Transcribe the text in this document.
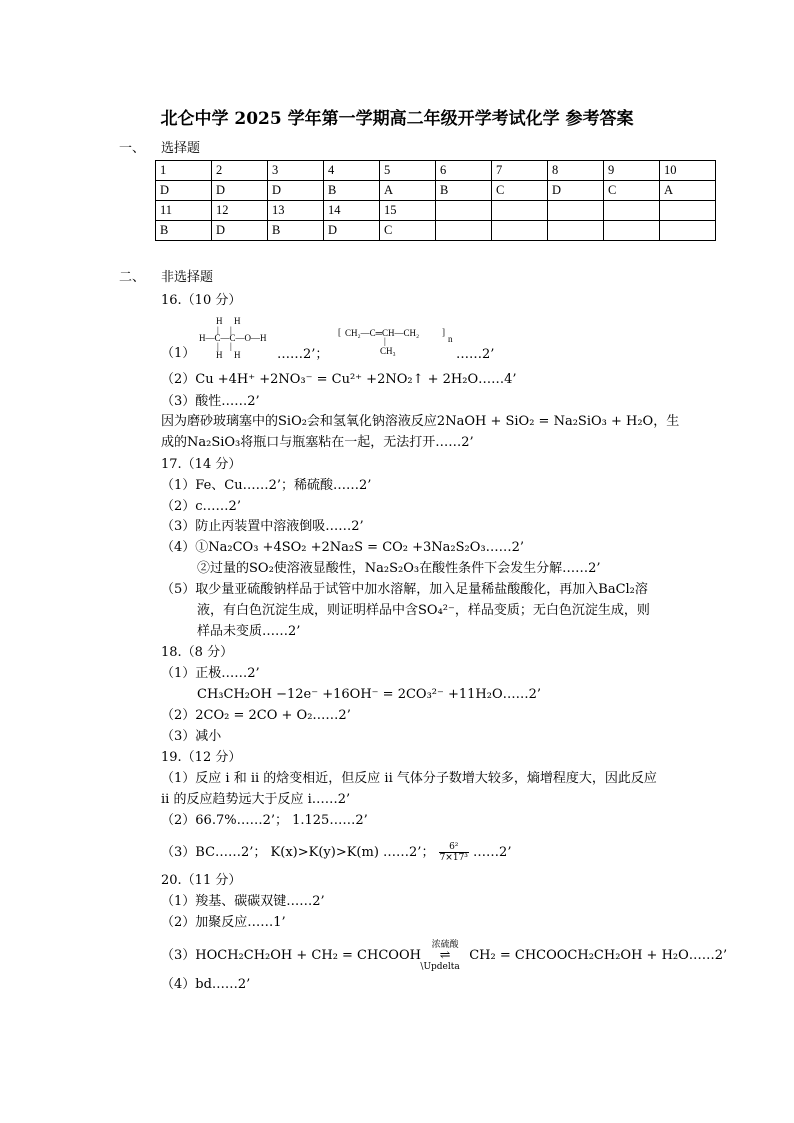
北仑中学 2025 学年第一学期高二年级开学考试化学 参考答案
一、 选择题
1	2	3	4	5	6	7	8	9	10
D	D	D	B	A	B	C	D	C	A
11	12	13	14	15					
B	D	B	D	C					
二、 非选择题
16.（10 分）
（1）
H H
|     |
H—C—C—O—H
|     |
H H	……2’；
[ CH₂—C═CH—CH₂	]
n
|
CH₃	……2’
（2）Cu +4H⁺ +2NO₃⁻ = Cu²⁺ +2NO₂↑ + 2H₂O……4’
（3）酸性……2’
因为磨砂玻璃塞中的SiO₂会和氢氧化钠溶液反应2NaOH + SiO₂ = Na₂SiO₃ + H₂O，生
成的Na₂SiO₃将瓶口与瓶塞粘在一起，无法打开……2’
17.（14 分）
（1）Fe、Cu……2’；稀硫酸……2’
（2）c……2’
（3）防止丙装置中溶液倒吸……2’
（4）①Na₂CO₃ +4SO₂ +2Na₂S = CO₂ +3Na₂S₂O₃……2’
②过量的SO₂使溶液显酸性，Na₂S₂O₃在酸性条件下会发生分解……2’
（5）取少量亚硫酸钠样品于试管中加水溶解，加入足量稀盐酸酸化，再加入BaCl₂溶
液，有白色沉淀生成，则证明样品中含SO₄²⁻，样品变质；无白色沉淀生成，则
样品未变质……2’
18.（8 分）
（1）正极……2’
CH₃CH₂OH −12e⁻ +16OH⁻ = 2CO₃²⁻ +11H₂O……2’
（2）2CO₂ = 2CO + O₂……2’
（3）减小
19.（12 分）
（1）反应 i 和 ii 的焓变相近，但反应 ii 气体分子数增大较多，熵增程度大，因此反应
ii 的反应趋势远大于反应 i……2’
（2）66.7%……2’； 1.125……2’
（3）BC……2’； K(x)>K(y)>K(m) ……2’； $\frac{\text{6²}}{\text{7×17³}}$ ……2’
20.（11 分）
（1）羧基、碳碳双键……2’
（2）加聚反应……1’
（3）HOCH₂CH₂OH + CH₂ = CHCOOH
浓硫酸
⇌
\Updelta
CH₂ = CHCOOCH₂CH₂OH + H₂O……2’
（4）bd……2’
